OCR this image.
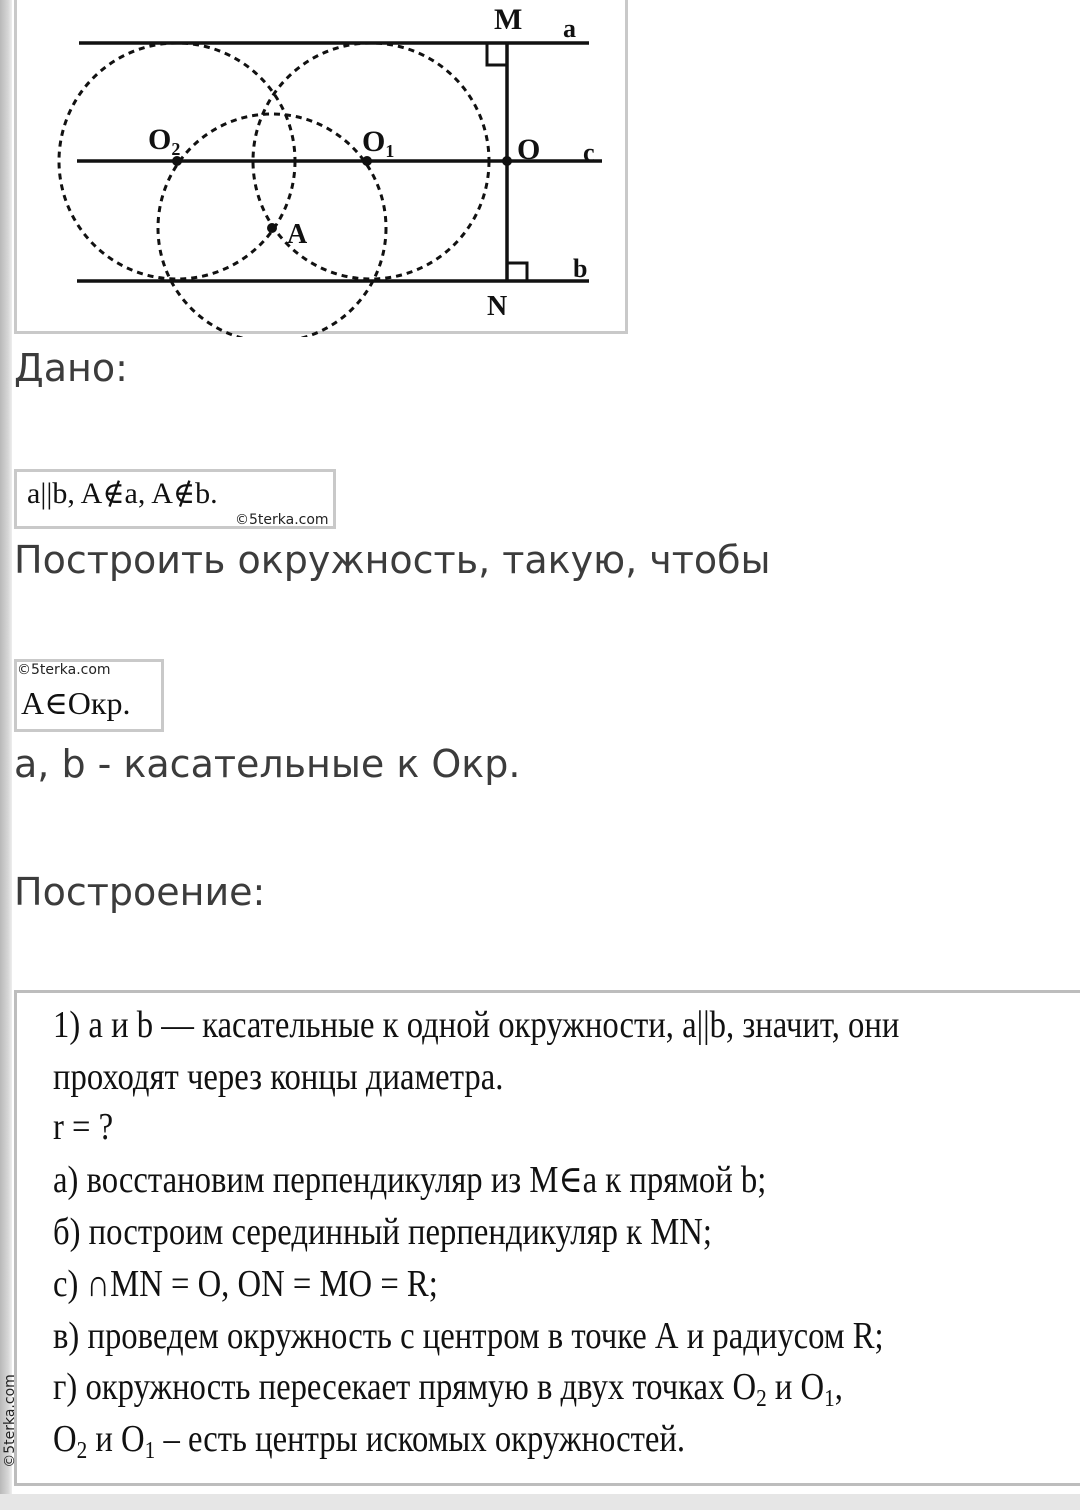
M a
$O_2$	$O_1$	O c
A
b
N

Дано:

a||b, A∉a, A∉b.
©5terka.com

Построить окружность, такую, чтобы

©5terka.com
A∈Окр.

a, b - касательные к Окр.

Построение:

1) a и b — касательные к одной окружности, a||b, значит, они
проходят через концы диаметра.
r = ?
а) восстановим перпендикуляр из M∈a к прямой b;
б) построим серединный перпендикуляр к MN;
с) ∩MN = O, ON = MO = R;
в) проведем окружность с центром в точке А и радиусом R;
г) окружность пересекает прямую в двух точках $O_2$ и $O_1$,
$O_2$ и $O_1$ – есть центры искомых окружностей.
©5terka.com
